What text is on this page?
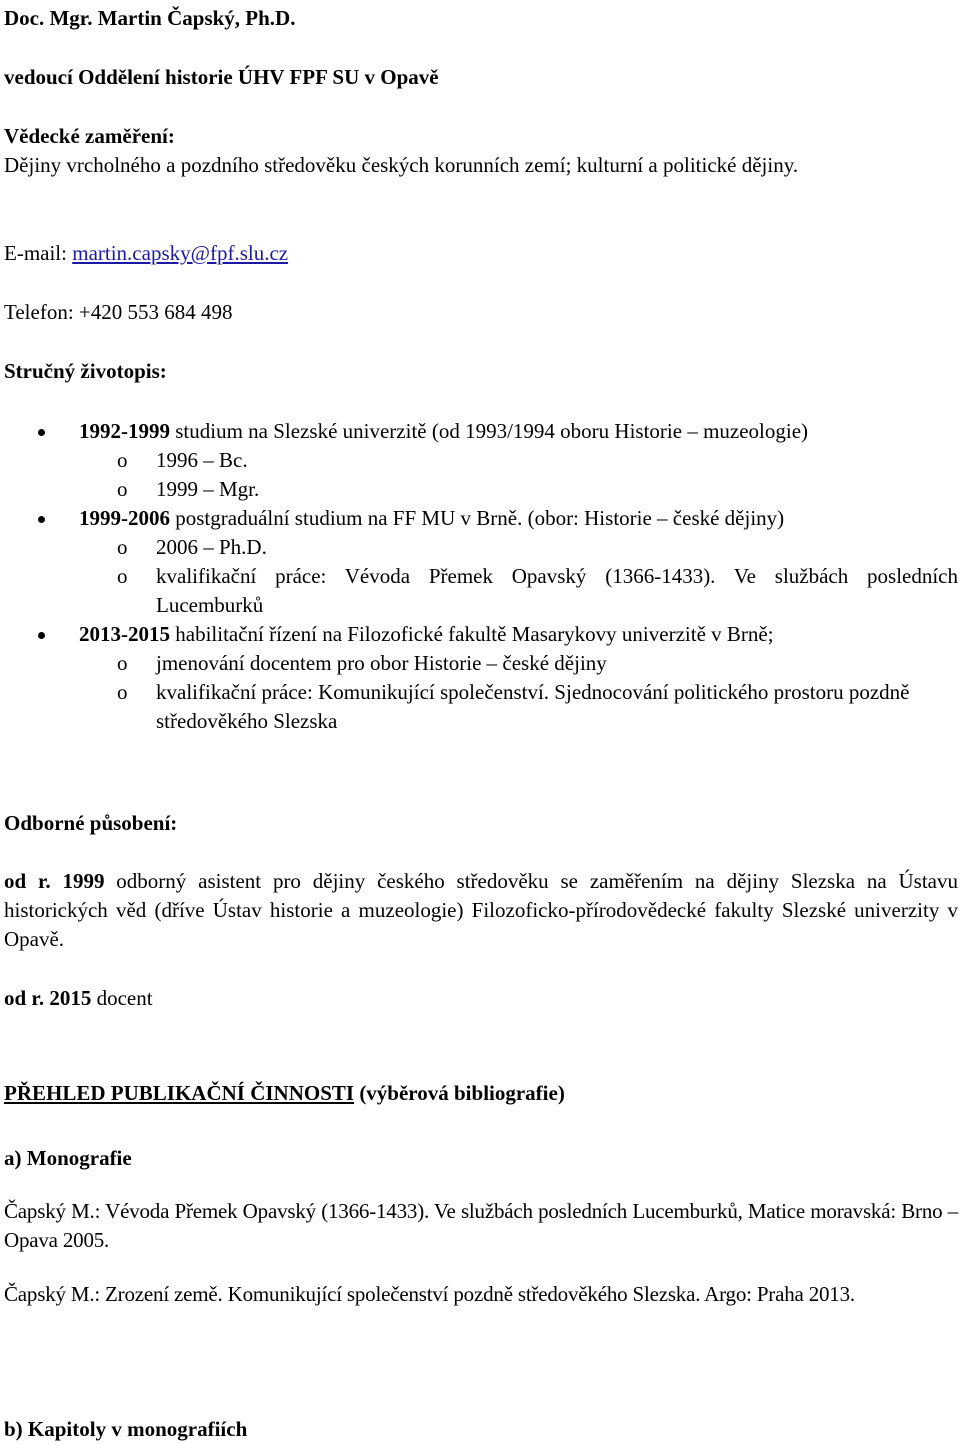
Doc. Mgr. Martin Čapský, Ph.D.
vedoucí Oddělení historie ÚHV FPF SU v Opavě
Vědecké zaměření:
Dějiny vrcholného a pozdního středověku českých korunních zemí; kulturní a politické dějiny.
E-mail: martin.capsky@fpf.slu.cz
Telefon: +420 553 684 498
Stručný životopis:
1992-1999 studium na Slezské univerzitě (od 1993/1994 oboru Historie – muzeologie)
o	1996 – Bc.
o	1999 – Mgr.
1999-2006 postgraduální studium na FF MU v Brně. (obor: Historie – české dějiny)
o	2006 – Ph.D.
o	kvalifikační práce: Vévoda Přemek Opavský (1366-1433). Ve službách posledních Lucemburků
2013-2015 habilitační řízení na Filozofické fakultě Masarykovy univerzitě v Brně;
o	jmenování docentem pro obor Historie – české dějiny
o	kvalifikační práce: Komunikující společenství. Sjednocování politického prostoru pozdně středověkého Slezska
Odborné působení:
od r. 1999 odborný asistent pro dějiny českého středověku se zaměřením na dějiny Slezska na Ústavu historických věd (dříve Ústav historie a muzeologie) Filozoficko-přírodovědecké fakulty Slezské univerzity v Opavě.
od r. 2015 docent
PŘEHLED PUBLIKAČNÍ ČINNOSTI (výběrová bibliografie)
a) Monografie
Čapský M.: Vévoda Přemek Opavský (1366-1433). Ve službách posledních Lucemburků, Matice moravská: Brno – Opava 2005.
Čapský M.: Zrození země. Komunikující společenství pozdně středověkého Slezska. Argo: Praha 2013.
b) Kapitoly v monografiích
